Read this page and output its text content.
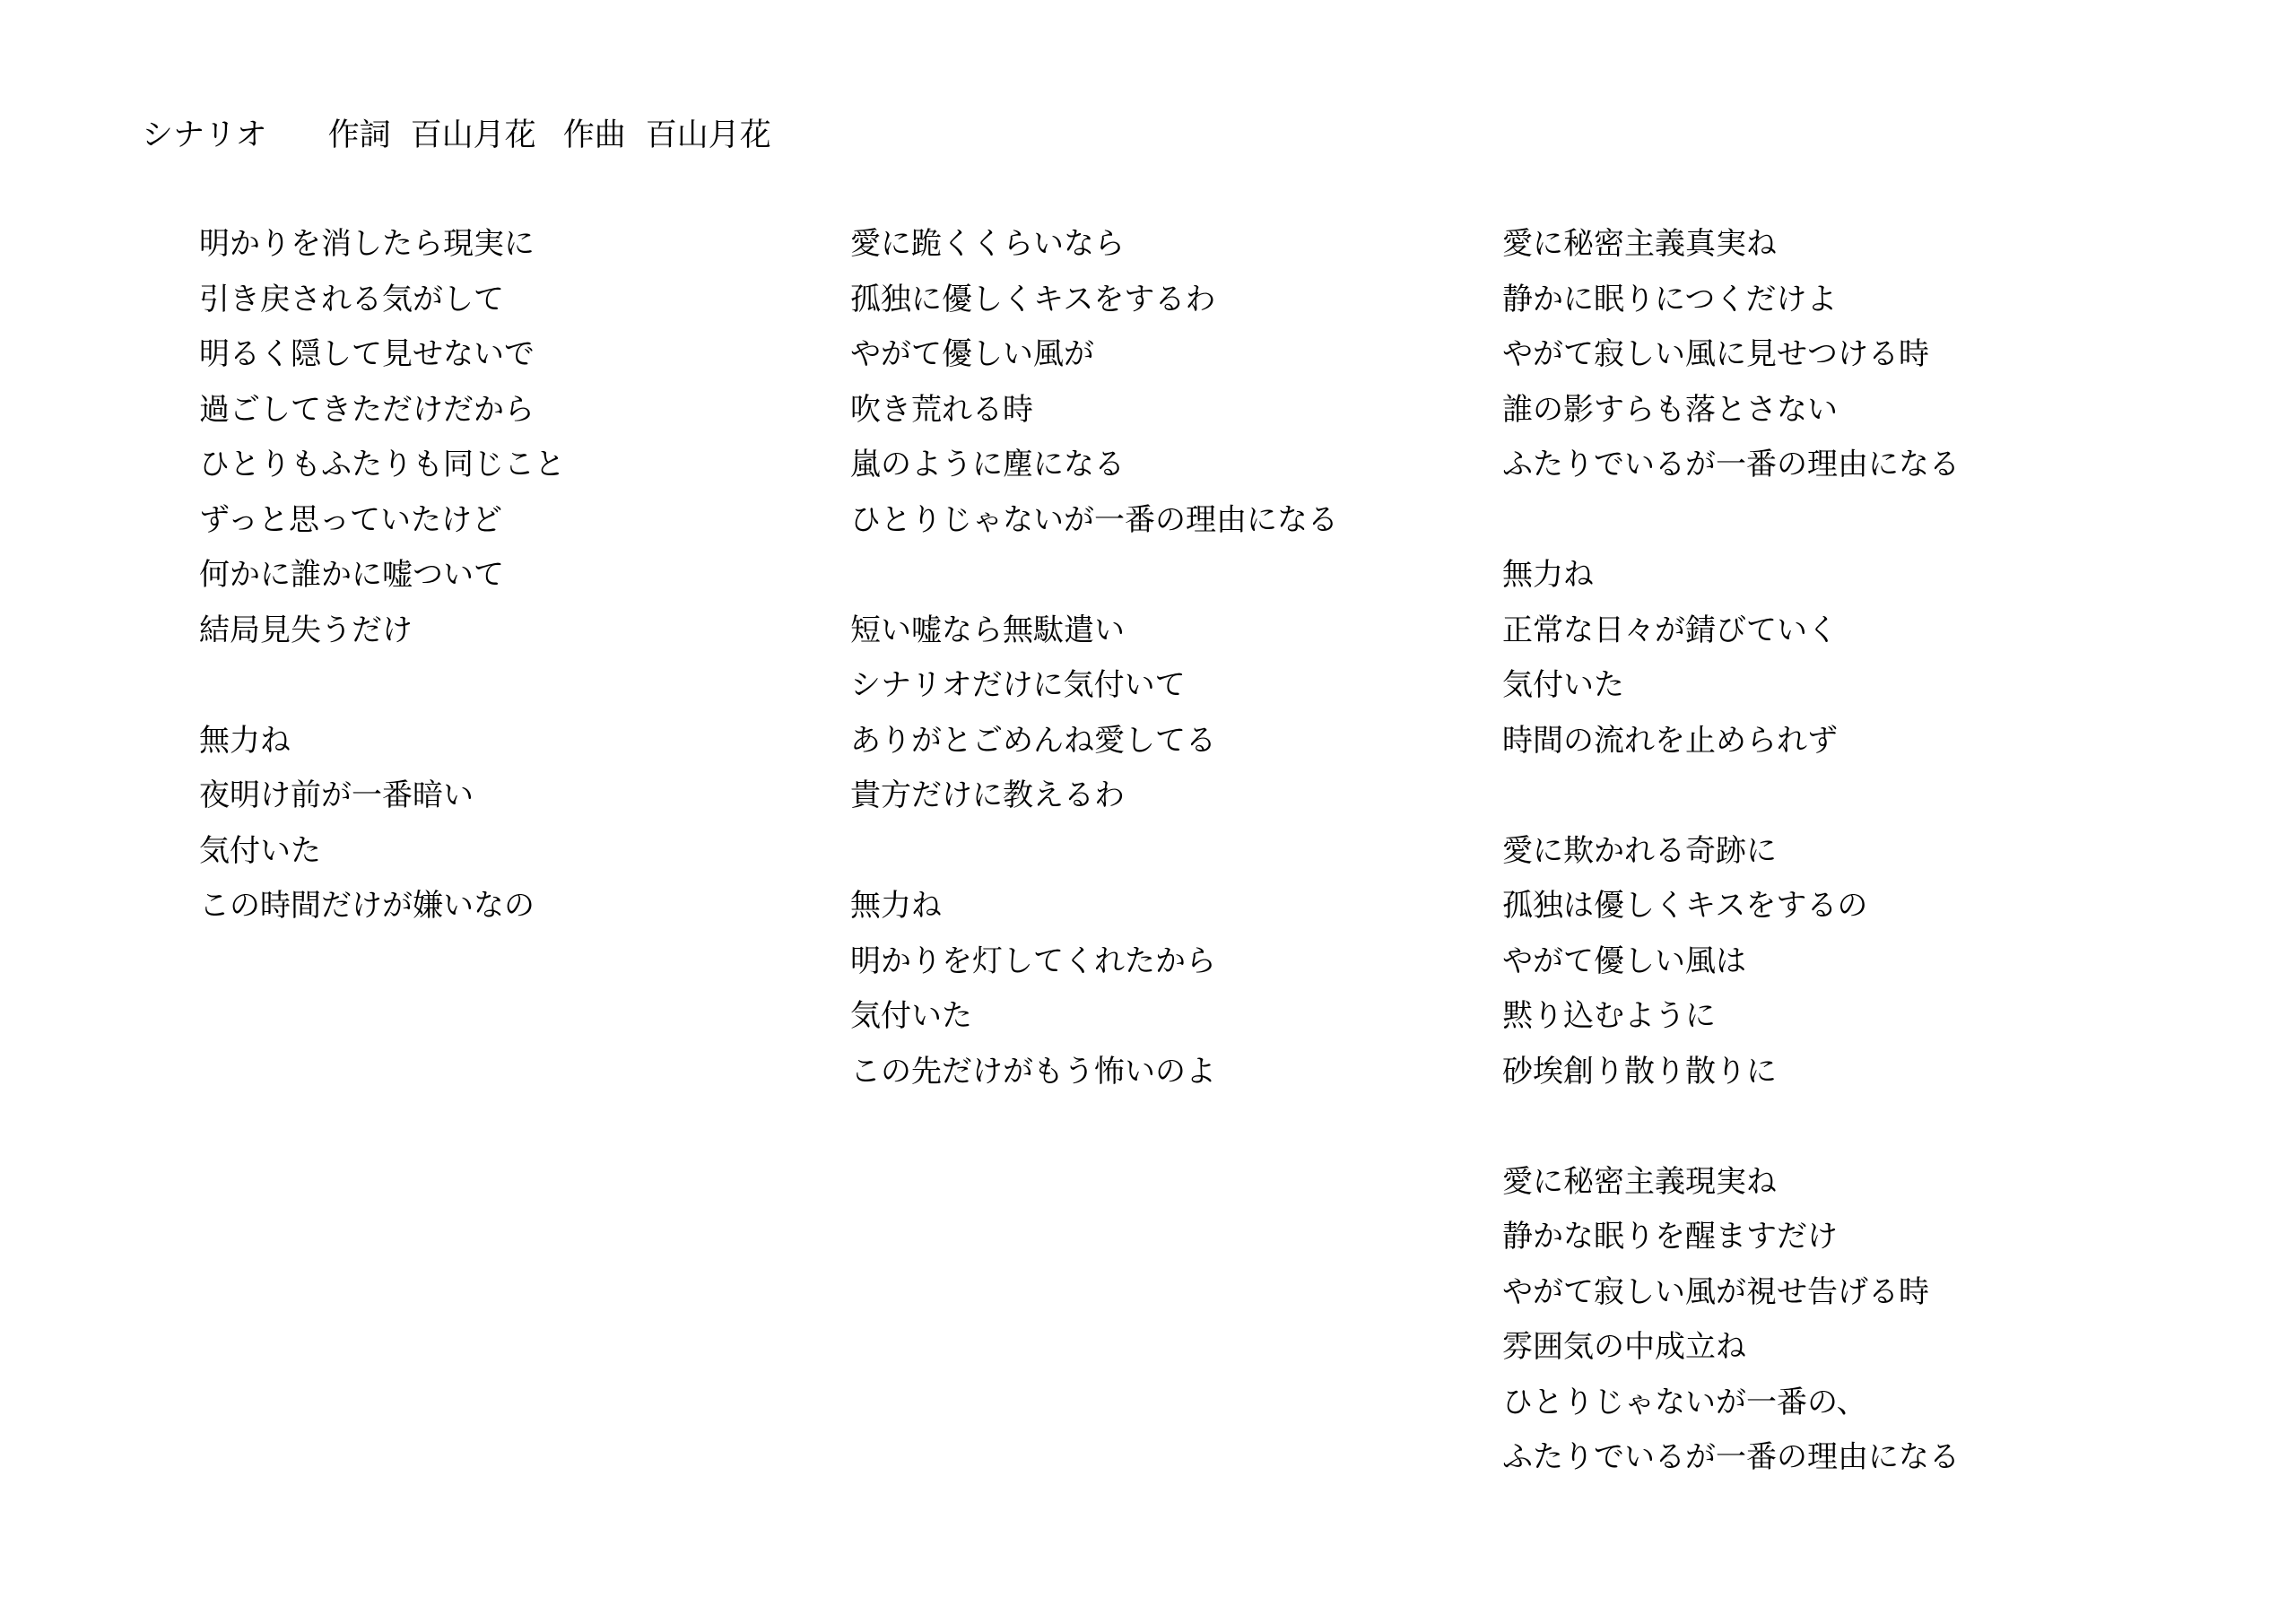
シナリオ 作詞 百山月花 作曲 百山月花
明かりを消したら現実に
引き戻される気がして
明るく隠して見せないで
過ごしてきただけだから
ひとりもふたりも同じこと
ずっと思っていたけど
何かに誰かに嘘ついて
結局見失うだけ
無力ね
夜明け前が一番暗い
気付いた
この時間だけが嫌いなの
愛に跪くくらいなら
孤独に優しくキスをするわ
やがて優しい風が
吹き荒れる時
嵐のように塵になる
ひとりじゃないが一番の理由になる
短い嘘なら無駄遣い
シナリオだけに気付いて
ありがとごめんね愛してる
貴方だけに教えるわ
無力ね
明かりを灯してくれたから
気付いた
この先だけがもう怖いのよ
愛に秘密主義真実ね
静かに眠りにつくだけよ
やがて寂しい風に見せつける時
誰の影すらも落とさない
ふたりでいるが一番の理由になる
無力ね
正常な日々が錆びていく
気付いた
時間の流れを止められず
愛に欺かれる奇跡に
孤独は優しくキスをするの
やがて優しい風は
黙り込むように
砂埃創り散り散りに
愛に秘密主義現実ね
静かな眠りを醒ますだけ
やがて寂しい風が視せ告げる時
雰囲気の中成立ね
ひとりじゃないが一番の、
ふたりでいるが一番の理由になる
